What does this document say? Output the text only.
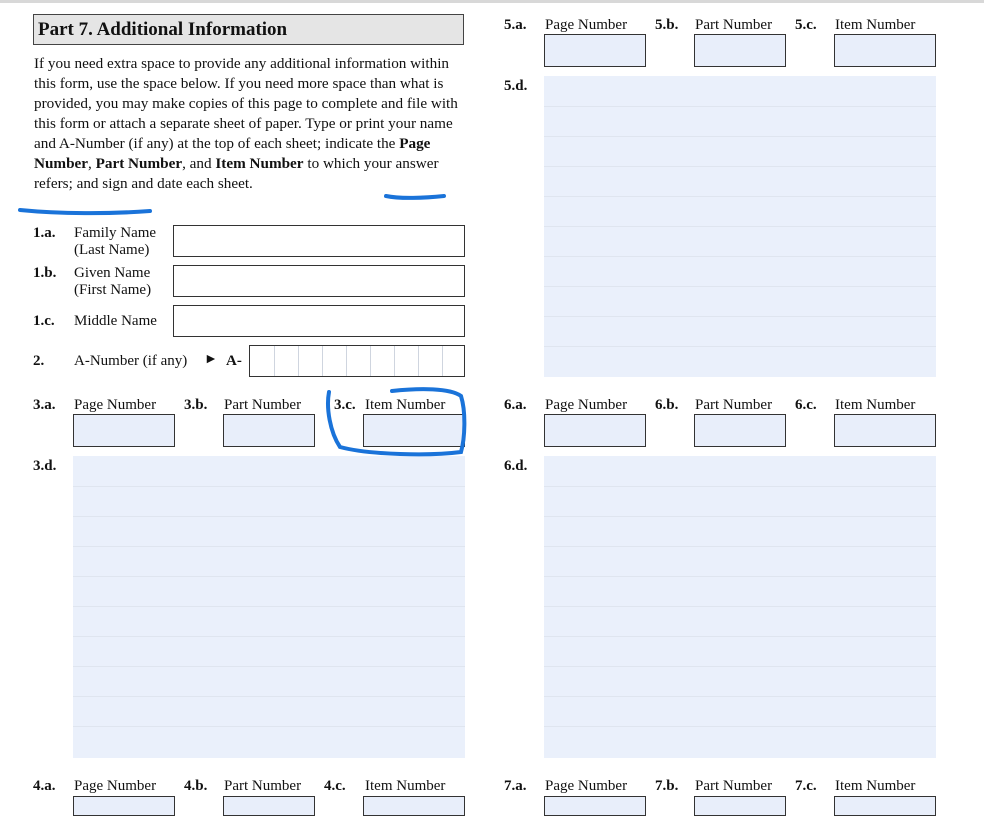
Part 7. Additional Information
If you need extra space to provide any additional information within this form, use the space below. If you need more space than what is provided, you may make copies of this page to complete and file with this form or attach a separate sheet of paper. Type or print your name and A-Number (if any) at the top of each sheet; indicate the Page Number, Part Number, and Item Number to which your answer refers; and sign and date each sheet.
1.a. Family Name (Last Name)
1.b. Given Name (First Name)
1.c. Middle Name
2. A-Number (if any) ► A-
3.a. Page Number 3.b. Part Number 3.c. Item Number
3.d.
4.a. Page Number 4.b. Part Number 4.c. Item Number
5.a. Page Number 5.b. Part Number 5.c. Item Number
5.d.
6.a. Page Number 6.b. Part Number 6.c. Item Number
6.d.
7.a. Page Number 7.b. Part Number 7.c. Item Number
